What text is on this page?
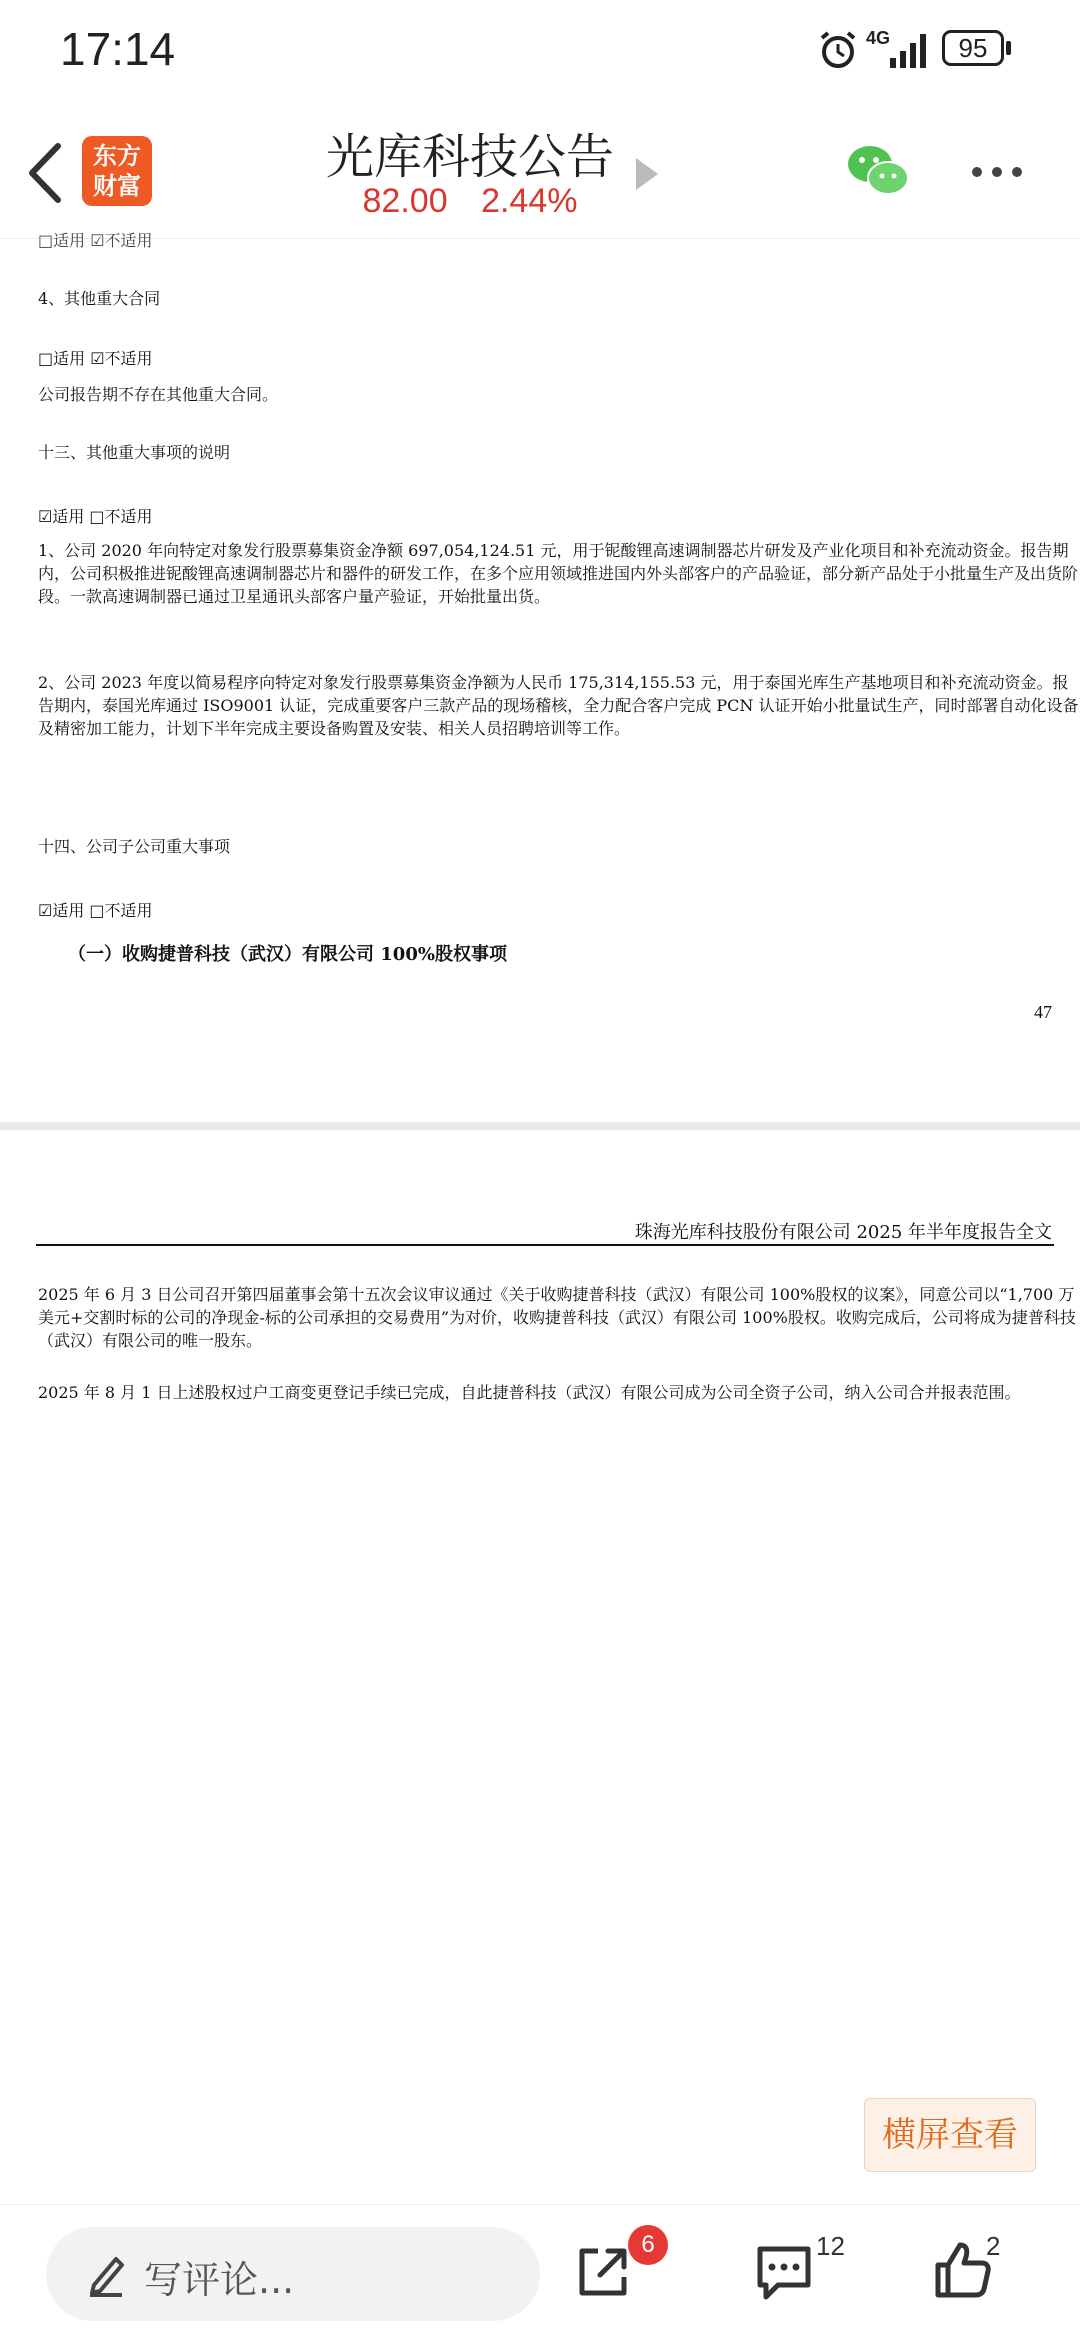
17:14	4G	95
东方财富
光库科技公告
82.00 2.44%
□适用 ☑不适用
4、其他重大合同
□适用 ☑不适用
公司报告期不存在其他重大合同。
十三、其他重大事项的说明
☑适用 □不适用
1、公司 2020 年向特定对象发行股票募集资金净额 697,054,124.51 元，用于铌酸锂高速调制器芯片研发及产业化项目和补充流动资金。报告期内，公司积极推进铌酸锂高速调制器芯片和器件的研发工作，在多个应用领域推进国内外头部客户的产品验证，部分新产品处于小批量生产及出货阶段。一款高速调制器已通过卫星通讯头部客户量产验证，开始批量出货。
2、公司 2023 年度以简易程序向特定对象发行股票募集资金净额为人民币 175,314,155.53 元，用于泰国光库生产基地项目和补充流动资金。报告期内，泰国光库通过 ISO9001 认证，完成重要客户三款产品的现场稽核，全力配合客户完成 PCN 认证开始小批量试生产，同时部署自动化设备及精密加工能力，计划下半年完成主要设备购置及安装、相关人员招聘培训等工作。
十四、公司子公司重大事项
☑适用 □不适用
（一）收购捷普科技（武汉）有限公司 100%股权事项
47
珠海光库科技股份有限公司 2025 年半年度报告全文
2025 年 6 月 3 日公司召开第四届董事会第十五次会议审议通过《关于收购捷普科技（武汉）有限公司 100%股权的议案》，同意公司以“1,700 万美元+交割时标的公司的净现金-标的公司承担的交易费用”为对价，收购捷普科技（武汉）有限公司 100%股权。收购完成后，公司将成为捷普科技（武汉）有限公司的唯一股东。
2025 年 8 月 1 日上述股权过户工商变更登记手续已完成，自此捷普科技（武汉）有限公司成为公司全资子公司，纳入公司合并报表范围。
横屏查看
写评论...
6	12	2
